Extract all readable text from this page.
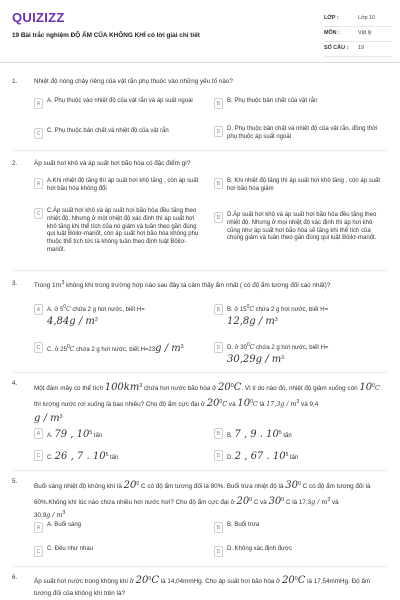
QUIZIZZ
19 Bài trắc nghiệm ĐỘ ẨM CỦA KHÔNG KHÍ có lời giải chi tiết
LỚP :	Lớp 10
MÔN :	Vật lý
SỐ CÂU :	19
1.	Nhiệt độ nóng chảy riêng của vật rắn phụ thuộc vào những yếu tố nào?
A	A. Phụ thuộc vào nhiệt độ của vật rắn và áp suất ngoài	B	B. Phụ thuộc bản chất của vật rắn
C	C. Phụ thuộc bản chất và nhiệt độ của vật rắn	D	D. Phụ thuộc bản chất và nhiệt độ của vật rắn, đồng thời phụ thuộc áp suất ngoài
2.	Áp suất hơi khô và áp suất hơi bão hòa có đặc điểm gì?
A	A.Khi nhiệt độ tăng thì áp suất hơi khô tăng , còn áp suất hơi bão hòa không đổi
B	B. Khi nhiệt độ tăng thì áp suất hơi khô tăng , còn áp suất hơi bão hòa giảm
C	C.Áp suất hơi khô và áp suất hơi bão hòa đều tăng theo nhiệt độ. Nhưng ở một nhiệt độ xác định thì áp suất hơi khô tăng khi thể tích của nó giảm và tuân theo gần đúng qui luật Bôilơ-mariốt, còn áp suất hơi bão hòa không phụ thuộc thể tích tức là không tuân theo định luật Bôilơ-mariốt.
D	D.Áp suất hơi khô và áp suất hơi bão hòa đều tăng theo nhiệt độ. Nhưng ở mọi nhiệt độ xác định thì áp hơi khô cũng như áp suất hơi bão hòa sẽ tăng khi thể tích của chúng giảm và tuân theo gần đúng qui luật Bôilơ-mariốt.
3.	Trong $1m^3$ không khí trong trường hợp nào sau đây ta cảm thấy ẩm nhất ( có độ ẩm tương đối cao nhất)?
A	A. ở $5^0C$ chứa 2 g hơi nước, biết H=
$4,84g / m^3$
B	B. ở $15^0C$ chứa 2 g hơi nước, biết H=
$12,8g / m^3$
C	C. ở $25^0C$ chứa 2 g hơi nước, biết $H=23g / m^3$	D	D. ở $30^0C$ chứa 2 g hơi nước, biết H=
$30,29g / m^3$
4.
Một đám mây có thể tích $100km^3$ chứa hơi nước bão hòa ở $20^0C$. Vì lí do nào đó, nhiệt độ giảm xuống còn $10^0C$ thì lượng nước rơi xuống là bao nhiêu? Cho độ ẩm cực đại ở $20^0C$ và $10^0C$ là $17,3g / m^3$ và 9,4
g / $m^3$
A	A. 79 , $10^5$ tấn	B	B. 7 , 9 . $10^5$ tấn
C	C. 26 , 7 . $10^5$ tấn	D	D. 2 , 67 . $10^5$ tấn
5.
Buổi sáng nhiệt độ không khí là $20^0$ C có độ ẩm tương đối là 80%. Buổi trưa nhiệt độ là $30^0$ C có độ ẩm tương đối là 60%.Không khí lúc nào chứa nhiều hơi nước hơi? Cho độ ẩm cực đại ở $20^0$ C và $30^0$ C là $17,3g / m^3$ và
$30,9g / m^3$
A	A. Buổi sáng	B	B. Buổi trưa
C	C. Đều như nhau	D	D. Không xác định được
6.
Áp suất hơi nước trong không khí ở $20^0C$ là 14,04mmHg. Cho áp suất hơi bão hòa ở $20^0C$ là 17,54mmHg. Độ ẩm tương đối của không khí trên là?
